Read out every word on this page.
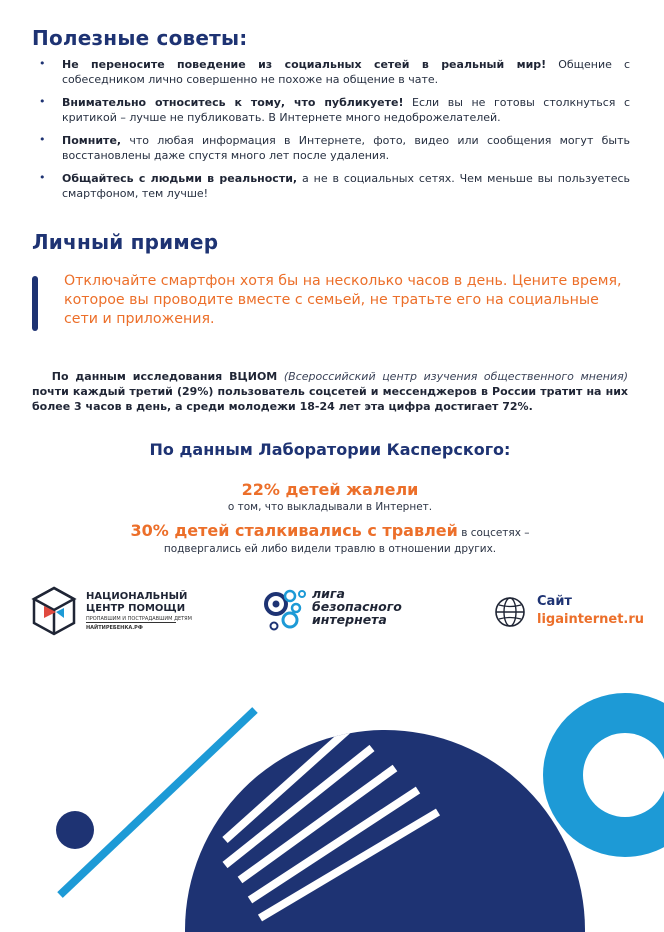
Полезные советы:
• Не переносите поведение из социальных сетей в реальный мир! Общение с собеседником лично совершенно не похоже на общение в чате.
• Внимательно относитесь к тому, что публикуете! Если вы не готовы столкнуться с критикой – лучше не публиковать. В Интернете много недоброжелателей.
• Помните, что любая информация в Интернете, фото, видео или сообщения могут быть восстановлены даже спустя много лет после удаления.
• Общайтесь с людьми в реальности, а не в социальных сетях. Чем меньше вы пользуетесь смартфоном, тем лучше!
Личный пример

Отключайте смартфон хотя бы на несколько часов в день. Цените время, которое вы проводите вместе с семьей, не тратьте его на социальные сети и приложения.

По данным исследования ВЦИОМ (Всероссийский центр изучения общественного мнения) почти каждый третий (29%) пользователь соцсетей и мессенджеров в России тратит на них более 3 часов в день, а среди молодежи 18-24 лет эта цифра достигает 72%.

По данным Лаборатории Касперского:
22% детей жалели
о том, что выкладывали в Интернет.
30% детей сталкивались с травлей в соцсетях –
подвергались ей либо видели травлю в отношении других.
НАЦИОНАЛЬНЫЙ
ЦЕНТР ПОМОЩИ
ПРОПАВШИМ И ПОСТРАДАВШИМ ДЕТЯМ
НАЙТИРЕБЕНКА.РФ
лига
безопасного
интернета
Сайт
ligainternet.ru
